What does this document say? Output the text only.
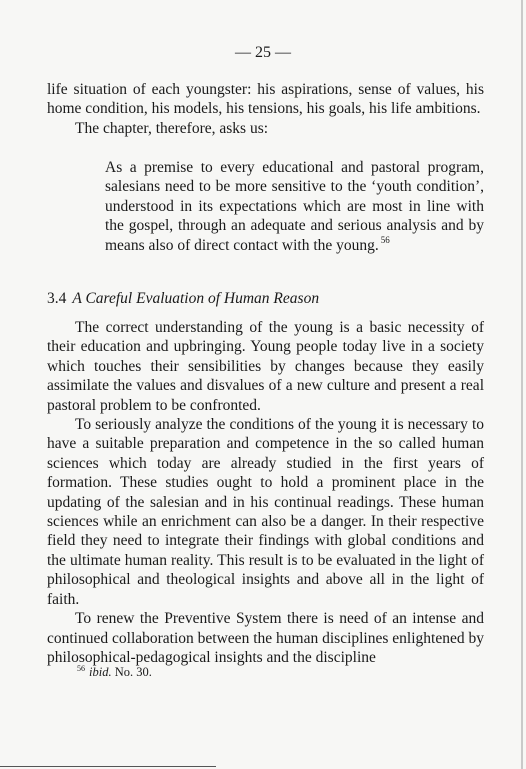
— 25 —

life situation of each youngster: his aspirations, sense of values, his home condition, his models, his tensions, his goals, his life ambitions.

The chapter, therefore, asks us:

As a premise to every educational and pastoral program, salesians need to be more sensitive to the ‘youth condition’, understood in its expectations which are most in line with the gospel, through an adequate and serious analysis and by means also of direct contact with the young. $^{56}$
3.4 A Careful Evaluation of Human Reason

The correct understanding of the young is a basic necessity of their education and upbringing. Young people today live in a society which touches their sensibilities by changes because they easily assimilate the values and disvalues of a new culture and present a real pastoral problem to be confronted.

To seriously analyze the conditions of the young it is necessary to have a suitable preparation and competence in the so called human sciences which today are already studied in the first years of formation. These studies ought to hold a prominent place in the updating of the salesian and in his continual readings. These human sciences while an enrichment can also be a danger. In their respective field they need to integrate their findings with global conditions and the ultimate human reality. This result is to be evaluated in the light of philosophical and theological insights and above all in the light of faith.

To renew the Preventive System there is need of an intense and continued collaboration between the human disciplines enlightened by philosophical-pedagogical insights and the discipline

$^{56}$ ibid. No. 30.
